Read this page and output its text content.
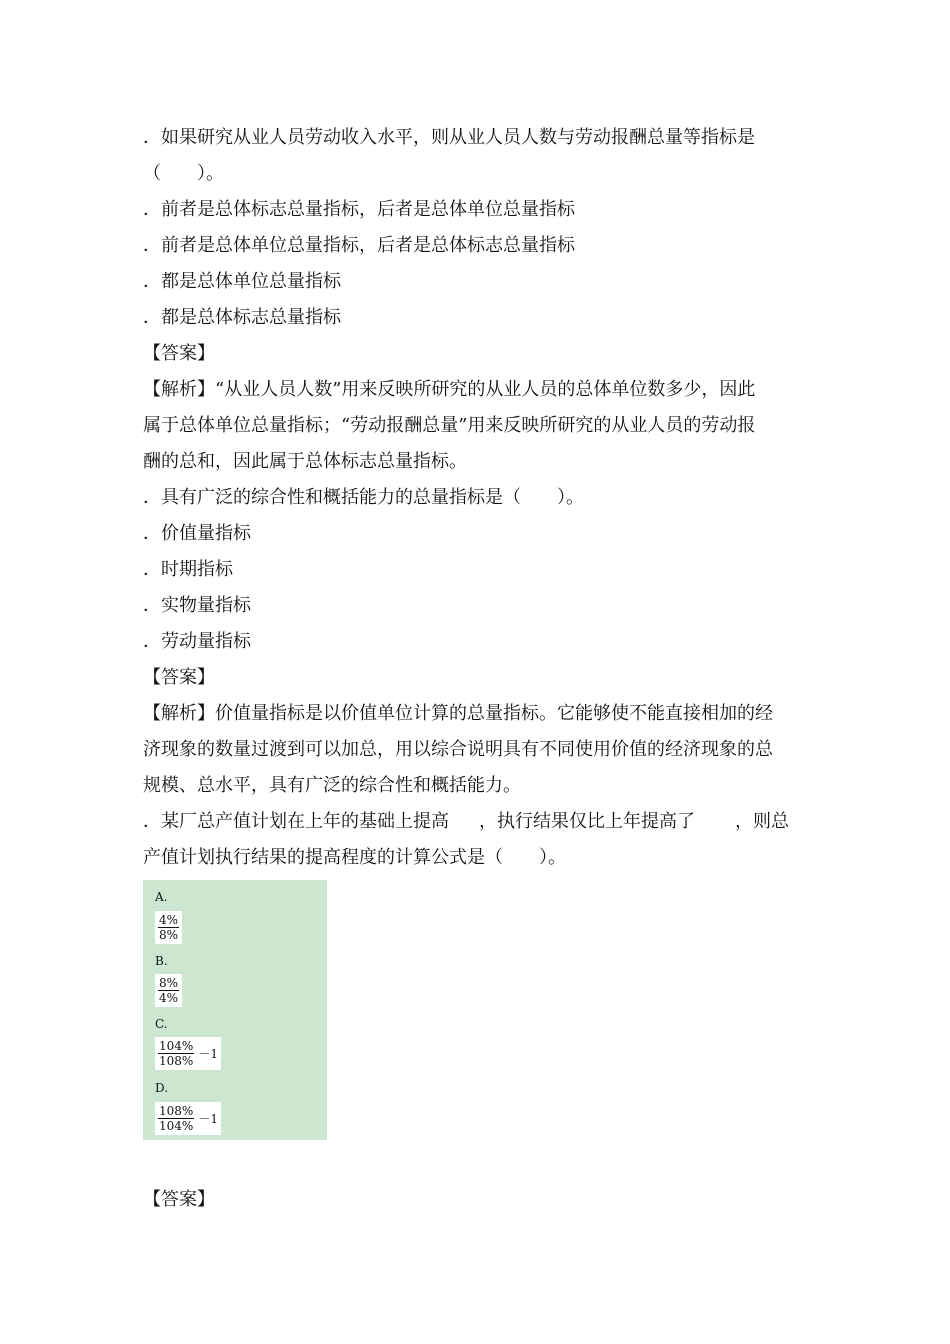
．如果研究从业人员劳动收入水平，则从业人员人数与劳动报酬总量等指标是
（　　）。
．前者是总体标志总量指标，后者是总体单位总量指标
．前者是总体单位总量指标，后者是总体标志总量指标
．都是总体单位总量指标
．都是总体标志总量指标
【答案】
【解析】“从业人员人数”用来反映所研究的从业人员的总体单位数多少，因此
属于总体单位总量指标；“劳动报酬总量”用来反映所研究的从业人员的劳动报
酬的总和，因此属于总体标志总量指标。
．具有广泛的综合性和概括能力的总量指标是（　　）。
．价值量指标
．时期指标
．实物量指标
．劳动量指标
【答案】
【解析】价值量指标是以价值单位计算的总量指标。它能够使不能直接相加的经
济现象的数量过渡到可以加总，用以综合说明具有不同使用价值的经济现象的总
规模、总水平，具有广泛的综合性和概括能力。
．某厂总产值计划在上年的基础上提高 ，执行结果仅比上年提高了 ，则总
产值计划执行结果的提高程度的计算公式是（　　）。
A.
$\frac{4\%}{8\%}$
B.
$\frac{8\%}{4\%}$
C.
$\frac{104\%}{108\%} -1$
D.
$\frac{108\%}{104\%} -1$
【答案】
